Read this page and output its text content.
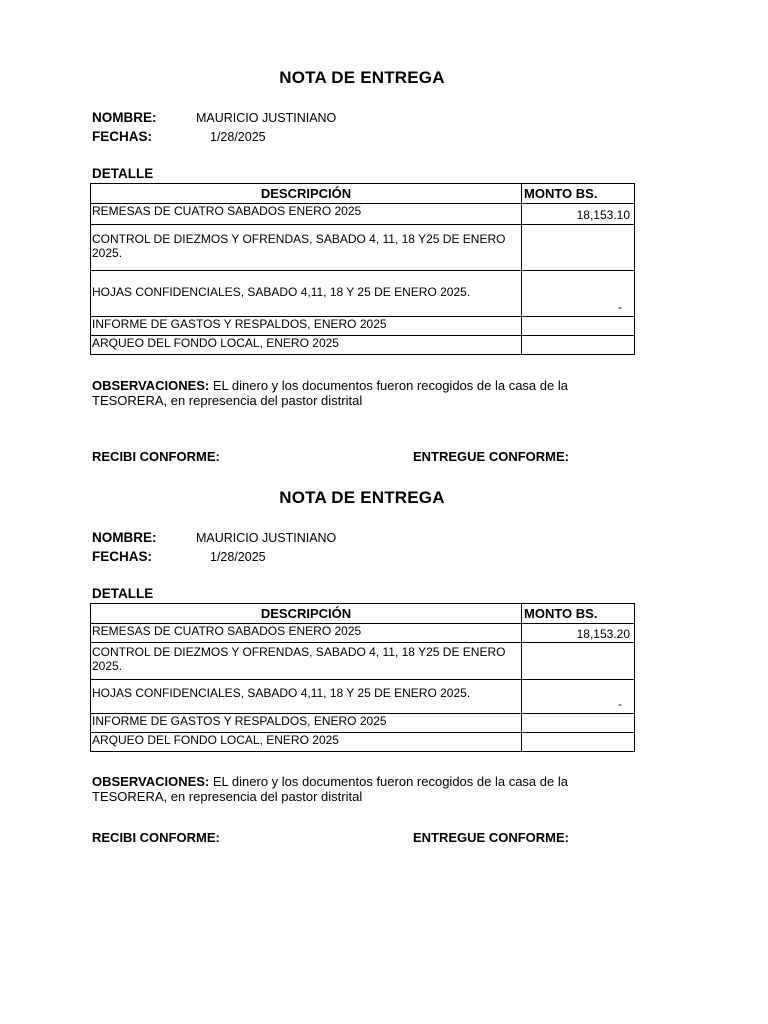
NOTA DE ENTREGA
NOMBRE:	MAURICIO JUSTINIANO
FECHAS:	1/28/2025
DETALLE
DESCRIPCIÓN	MONTO BS.
REMESAS DE CUATRO SABADOS ENERO 2025	18,153.10
CONTROL DE DIEZMOS Y OFRENDAS, SABADO 4, 11, 18 Y25 DE ENERO 2025.	
HOJAS CONFIDENCIALES, SABADO 4,11, 18 Y 25 DE ENERO 2025.	-
INFORME DE GASTOS Y RESPALDOS, ENERO 2025	
ARQUEO DEL FONDO LOCAL, ENERO 2025	
OBSERVACIONES: EL dinero y los documentos fueron recogidos de la casa de la TESORERA, en represencia del pastor distrital
RECIBI CONFORME:	ENTREGUE CONFORME:
NOTA DE ENTREGA
NOMBRE:	MAURICIO JUSTINIANO
FECHAS:	1/28/2025
DETALLE
DESCRIPCIÓN	MONTO BS.
REMESAS DE CUATRO SABADOS ENERO 2025	18,153.20
CONTROL DE DIEZMOS Y OFRENDAS, SABADO 4, 11, 18 Y25 DE ENERO 2025.	
HOJAS CONFIDENCIALES, SABADO 4,11, 18 Y 25 DE ENERO 2025.	-
INFORME DE GASTOS Y RESPALDOS, ENERO 2025	
ARQUEO DEL FONDO LOCAL, ENERO 2025	
OBSERVACIONES: EL dinero y los documentos fueron recogidos de la casa de la TESORERA, en represencia del pastor distrital
RECIBI CONFORME:	ENTREGUE CONFORME:
